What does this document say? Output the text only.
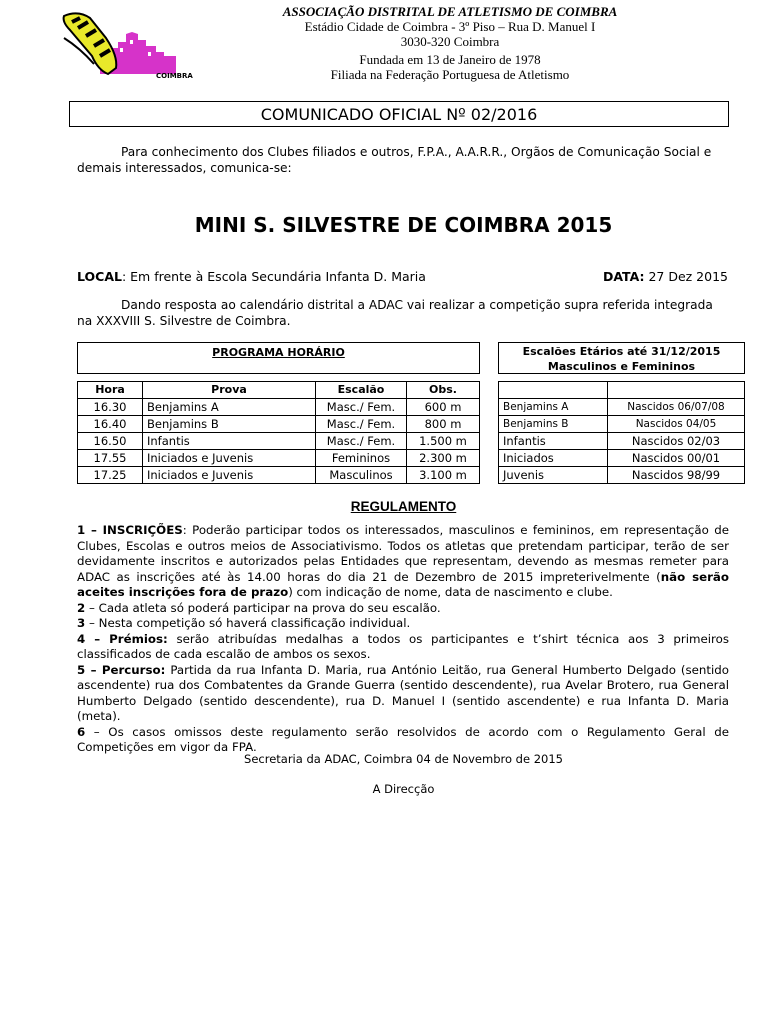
COIMBRA
ASSOCIAÇÃO DISTRITAL DE ATLETISMO DE COIMBRA
Estádio Cidade de Coimbra - 3º Piso – Rua D. Manuel I
3030-320 Coimbra
Fundada em 13 de Janeiro de 1978
Filiada na Federação Portuguesa de Atletismo
COMUNICADO OFICIAL Nº 02/2016
Para conhecimento dos Clubes filiados e outros, F.P.A., A.A.R.R., Orgãos de Comunicação Social e demais interessados, comunica-se:
MINI S. SILVESTRE DE COIMBRA 2015
LOCAL: Em frente à Escola Secundária Infanta D. Maria	DATA: 27 Dez 2015
Dando resposta ao calendário distrital a ADAC vai realizar a competição supra referida integrada na XXXVIII S. Silvestre de Coimbra.
PROGRAMA HORÁRIO
Hora	Prova	Escalão	Obs.
16.30	Benjamins A	Masc./ Fem.	600 m
16.40	Benjamins B	Masc./ Fem.	800 m
16.50	Infantis	Masc./ Fem.	1.500 m
17.55	Iniciados e Juvenis	Femininos	2.300 m
17.25	Iniciados e Juvenis	Masculinos	3.100 m
Escalões Etários até 31/12/2015
Masculinos e Femininos

Benjamins A	Nascidos 06/07/08
Benjamins B	Nascidos 04/05
Infantis	Nascidos 02/03
Iniciados	Nascidos 00/01
Juvenis	Nascidos 98/99
REGULAMENTO

1 – INSCRIÇÕES: Poderão participar todos os interessados, masculinos e femininos, em representação de Clubes, Escolas e outros meios de Associativismo. Todos os atletas que pretendam participar, terão de ser devidamente inscritos e autorizados pelas Entidades que representam, devendo as mesmas remeter para ADAC as inscrições até às 14.00 horas do dia 21 de Dezembro de 2015 impreterivelmente (não serão aceites inscrições fora de prazo) com indicação de nome, data de nascimento e clube.

2 – Cada atleta só poderá participar na prova do seu escalão.

3 – Nesta competição só haverá classificação individual.

4 – Prémios: serão atribuídas medalhas a todos os participantes e t’shirt técnica aos 3 primeiros classificados de cada escalão de ambos os sexos.

5 – Percurso: Partida da rua Infanta D. Maria, rua António Leitão, rua General Humberto Delgado (sentido ascendente) rua dos Combatentes da Grande Guerra (sentido descendente), rua Avelar Brotero, rua General Humberto Delgado (sentido descendente), rua D. Manuel I (sentido ascendente) e rua Infanta D. Maria (meta).

6 – Os casos omissos deste regulamento serão resolvidos de acordo com o Regulamento Geral de Competições em vigor da FPA.

Secretaria da ADAC, Coimbra 04 de Novembro de 2015
A Direcção
